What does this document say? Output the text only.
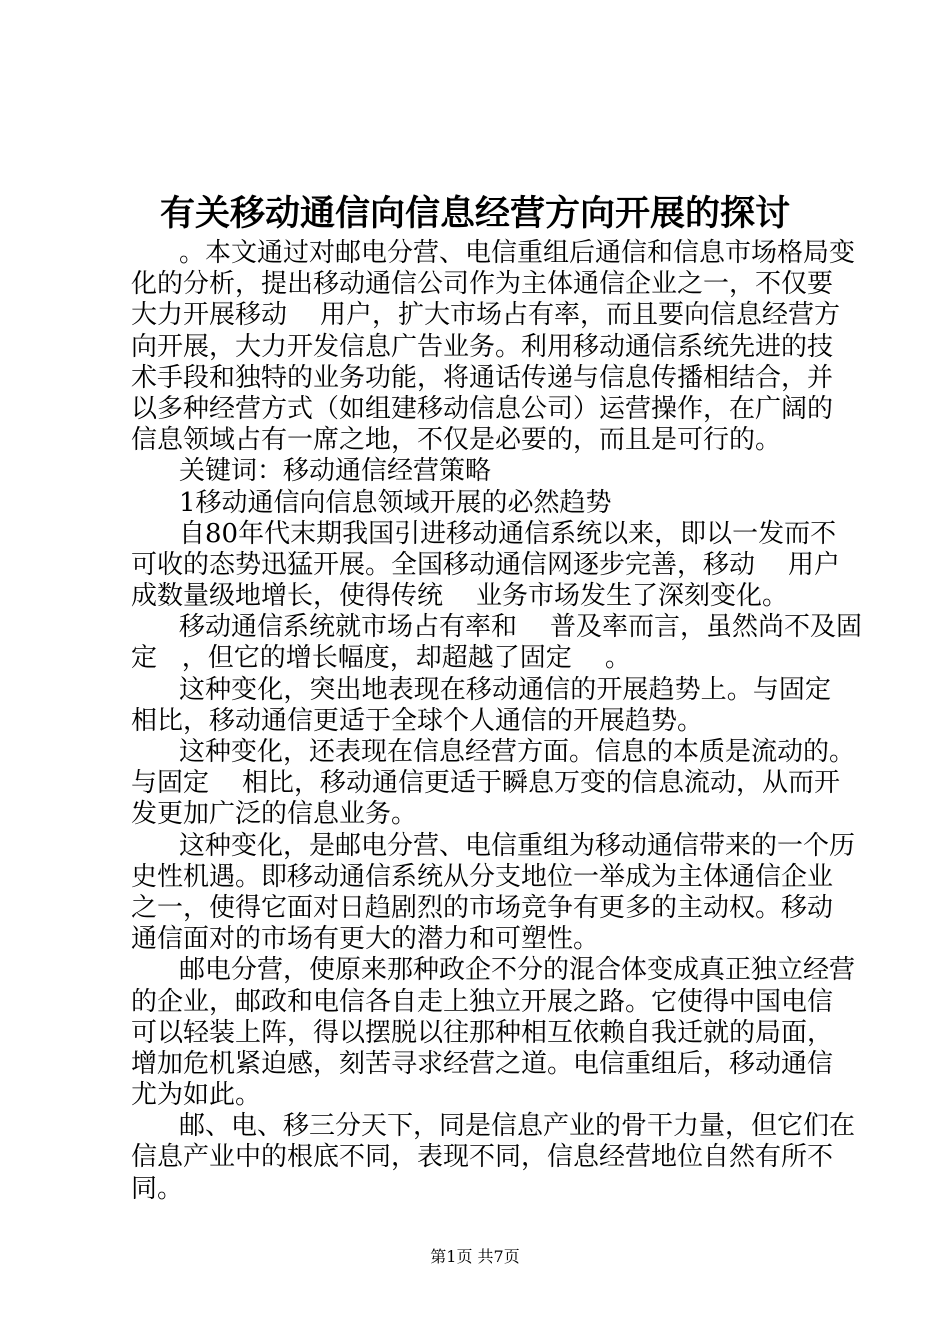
有关移动通信向信息经营方向开展的探讨
。本文通过对邮电分营、电信重组后通信和信息市场格局变
化的分析，提出移动通信公司作为主体通信企业之一，不仅要
大力开展移动    用户，扩大市场占有率，而且要向信息经营方
向开展，大力开发信息广告业务。利用移动通信系统先进的技
术手段和独特的业务功能，将通话传递与信息传播相结合，并
以多种经营方式（如组建移动信息公司）运营操作，在广阔的
信息领域占有一席之地，不仅是必要的，而且是可行的。
关键词：移动通信经营策略
1移动通信向信息领域开展的必然趋势
自80年代末期我国引进移动通信系统以来，即以一发而不
可收的态势迅猛开展。全国移动通信网逐步完善，移动    用户
成数量级地增长，使得传统    业务市场发生了深刻变化。
移动通信系统就市场占有率和    普及率而言，虽然尚不及固
定   ，但它的增长幅度，却超越了固定    。
这种变化，突出地表现在移动通信的开展趋势上。与固定
相比，移动通信更适于全球个人通信的开展趋势。
这种变化，还表现在信息经营方面。信息的本质是流动的。
与固定    相比，移动通信更适于瞬息万变的信息流动，从而开
发更加广泛的信息业务。
这种变化，是邮电分营、电信重组为移动通信带来的一个历
史性机遇。即移动通信系统从分支地位一举成为主体通信企业
之一，使得它面对日趋剧烈的市场竞争有更多的主动权。移动
通信面对的市场有更大的潜力和可塑性。
邮电分营，使原来那种政企不分的混合体变成真正独立经营
的企业，邮政和电信各自走上独立开展之路。它使得中国电信
可以轻装上阵，得以摆脱以往那种相互依赖自我迁就的局面，
增加危机紧迫感，刻苦寻求经营之道。电信重组后，移动通信
尤为如此。
邮、电、移三分天下，同是信息产业的骨干力量，但它们在
信息产业中的根底不同，表现不同，信息经营地位自然有所不
同。
第1页 共7页
